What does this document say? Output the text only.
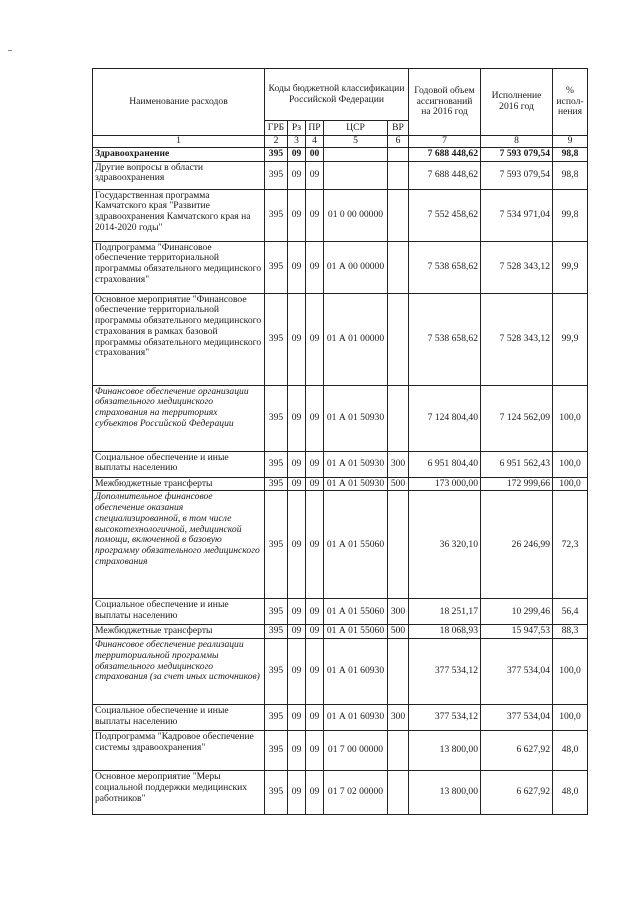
Наименование расходов	Коды бюджетной классификации Российской Федерации					Годовой объем ассигнований на 2016 год	Исполнение 2016 год	% испол-нения
	ГРБ	Рз	ПР	ЦСР	ВР			
1	2	3	4	5	6	7	8	9
Здравоохранение	395	09	00			7 688 448,62	7 593 079,54	98,8
Другие вопросы в области здравоохранения	395	09	09			7 688 448,62	7 593 079,54	98,8
Государственная программа Камчатского края "Развитие здравоохранения Камчатского края на 2014-2020 годы"	395	09	09	01 0 00 00000		7 552 458,62	7 534 971,04	99,8
Подпрограмма "Финансовое обеспечение территориальной программы обязательного медицинского страхования"	395	09	09	01 А 00 00000		7 538 658,62	7 528 343,12	99,9
Основное мероприятие "Финансовое обеспечение территориальной программы обязательного медицинского страхования в рамках базовой программы обязательного медицинского страхования"	395	09	09	01 А 01 00000		7 538 658,62	7 528 343,12	99,9
Финансовое обеспечение организации обязательного медицинского страхования на территориях субъектов Российской Федерации	395	09	09	01 А 01 50930		7 124 804,40	7 124 562,09	100,0
Социальное обеспечение и иные выплаты населению	395	09	09	01 А 01 50930	300	6 951 804,40	6 951 562,43	100,0
Межбюджетные трансферты	395	09	09	01 А 01 50930	500	173 000,00	172 999,66	100,0
Дополнительное финансовое обеспечение оказания специализированной, в том числе высокотехнологичной, медицинской помощи, включенной в базовую программу обязательного медицинского страхования	395	09	09	01 А 01 55060		36 320,10	26 246,99	72,3
Социальное обеспечение и иные выплаты населению	395	09	09	01 А 01 55060	300	18 251,17	10 299,46	56,4
Межбюджетные трансферты	395	09	09	01 А 01 55060	500	18 068,93	15 947,53	88,3
Финансовое обеспечение реализации территориальной программы обязательного медицинского страхования (за счет иных источников)	395	09	09	01 А 01 60930		377 534,12	377 534,04	100,0
Социальное обеспечение и иные выплаты населению	395	09	09	01 А 01 60930	300	377 534,12	377 534,04	100,0
Подпрограмма "Кадровое обеспечение системы здравоохранения"	395	09	09	01 7 00 00000		13 800,00	6 627,92	48,0
Основное мероприятие "Меры социальной поддержки медицинских работников"	395	09	09	01 7 02 00000		13 800,00	6 627,92	48,0
